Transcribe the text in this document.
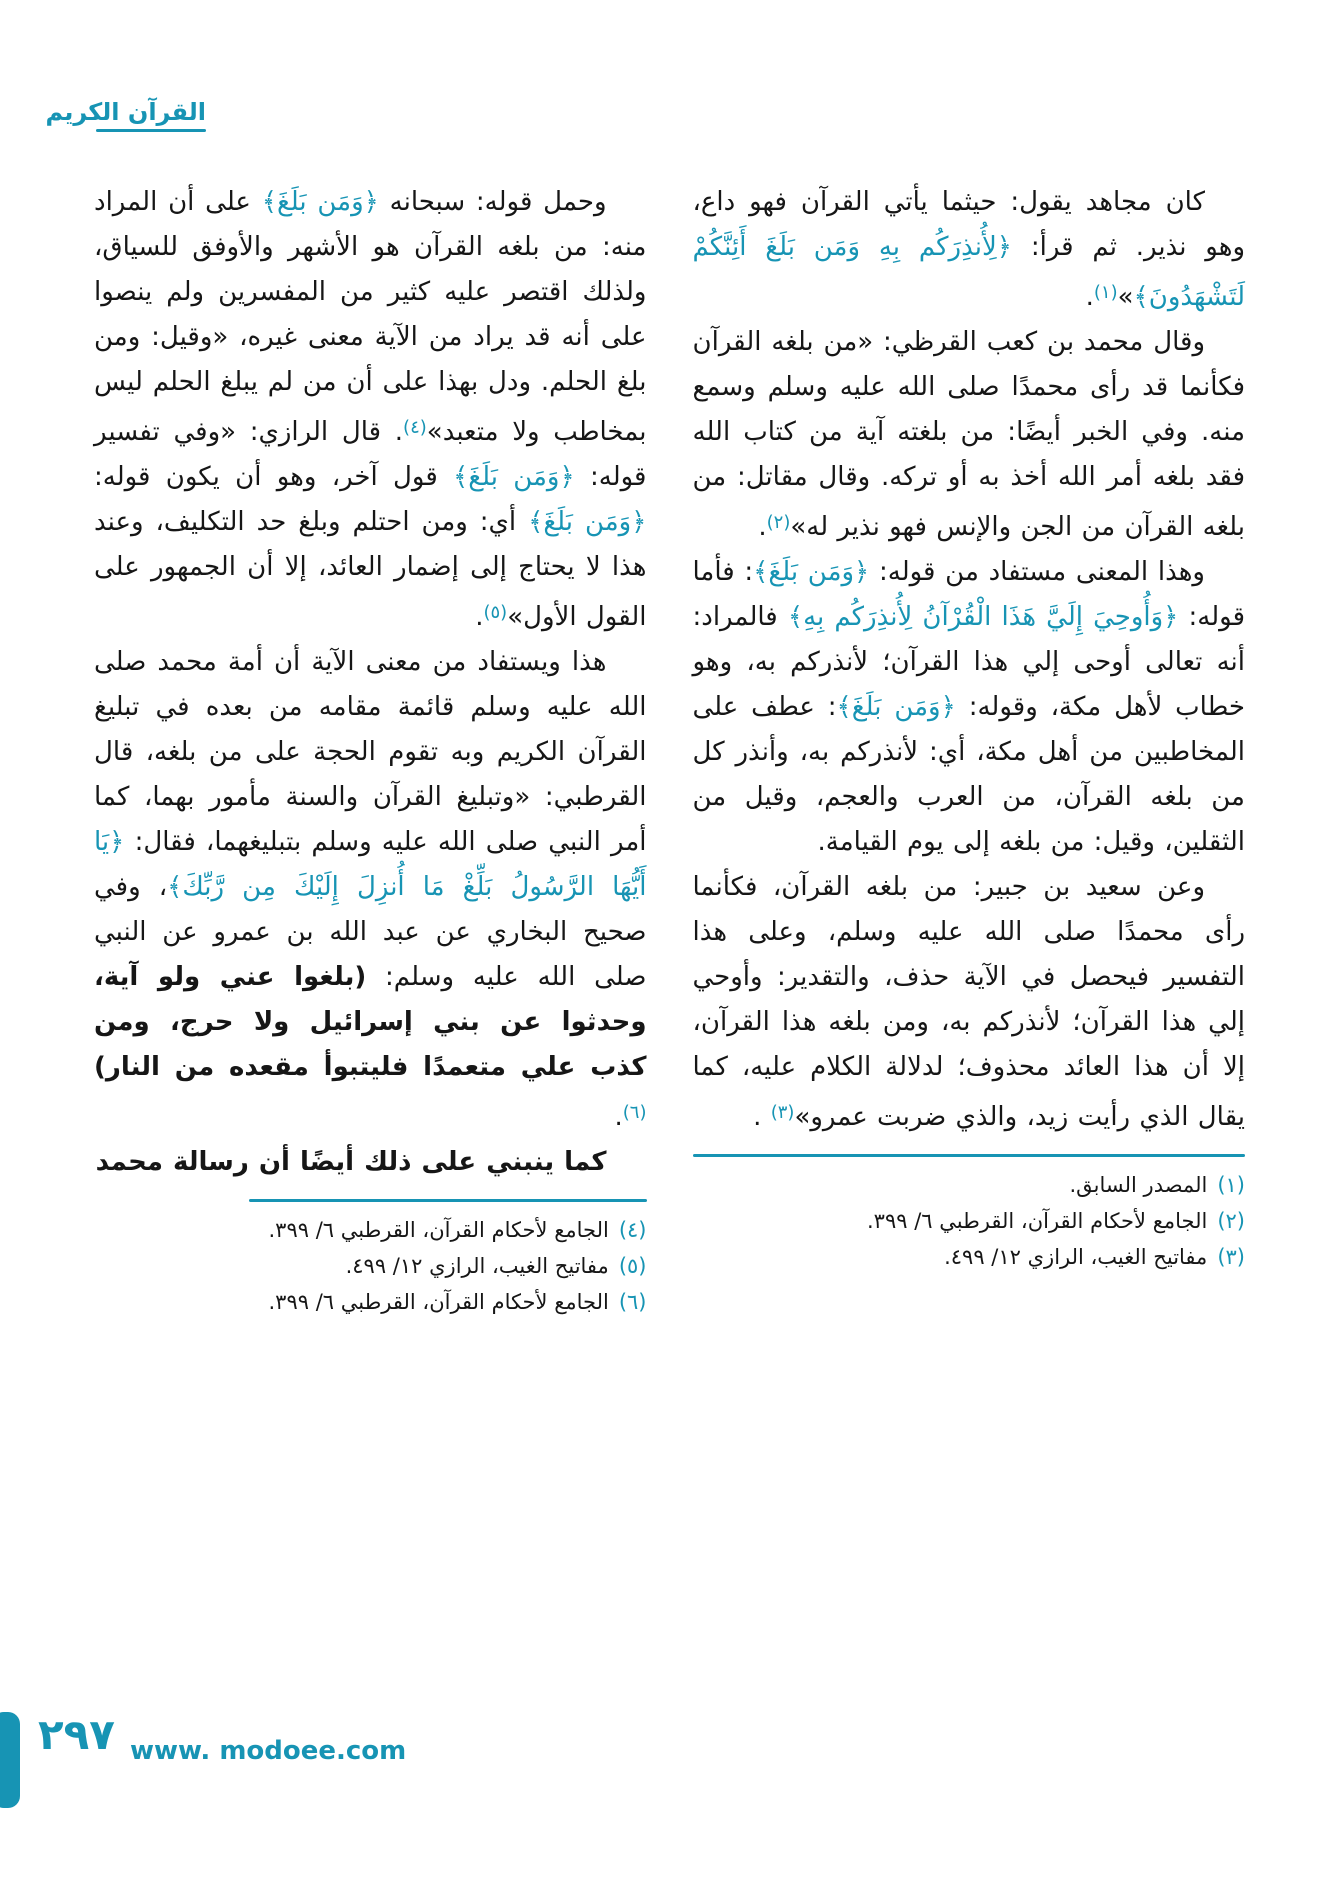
القرآن الكريم

كان مجاهد يقول: حيثما يأتي القرآن فهو داع، وهو نذير. ثم قرأ: ﴿لِأُنذِرَكُم بِهِ وَمَن بَلَغَ أَئِنَّكُمْ لَتَشْهَدُونَ﴾»$^{(١)}$.

وقال محمد بن كعب القرظي: «من بلغه القرآن فكأنما قد رأى محمدًا صلى الله عليه وسلم وسمع منه. وفي الخبر أيضًا: من بلغته آية من كتاب الله فقد بلغه أمر الله أخذ به أو تركه. وقال مقاتل: من بلغه القرآن من الجن والإنس فهو نذير له»$^{(٢)}$.

وهذا المعنى مستفاد من قوله: ﴿وَمَن بَلَغَ﴾: فأما قوله: ﴿وَأُوحِيَ إِلَيَّ هَذَا الْقُرْآنُ لِأُنذِرَكُم بِهِ﴾ فالمراد: أنه تعالى أوحى إلي هذا القرآن؛ لأنذركم به، وهو خطاب لأهل مكة، وقوله: ﴿وَمَن بَلَغَ﴾: عطف على المخاطبين من أهل مكة، أي: لأنذركم به، وأنذر كل من بلغه القرآن، من العرب والعجم، وقيل من الثقلين، وقيل: من بلغه إلى يوم القيامة.

وعن سعيد بن جبير: من بلغه القرآن، فكأنما رأى محمدًا صلى الله عليه وسلم، وعلى هذا التفسير فيحصل في الآية حذف، والتقدير: وأوحي إلي هذا القرآن؛ لأنذركم به، ومن بلغه هذا القرآن، إلا أن هذا العائد محذوف؛ لدلالة الكلام عليه، كما يقال الذي رأيت زيد، والذي ضربت عمرو»$^{(٣)}$ .

(١)المصدر السابق.
(٢)الجامع لأحكام القرآن، القرطبي ٦/ ٣٩٩.
(٣)مفاتيح الغيب، الرازي ١٢/ ٤٩٩.

وحمل قوله: سبحانه ﴿وَمَن بَلَغَ﴾ على أن المراد منه: من بلغه القرآن هو الأشهر والأوفق للسياق، ولذلك اقتصر عليه كثير من المفسرين ولم ينصوا على أنه قد يراد من الآية معنى غيره، «وقيل: ومن بلغ الحلم. ودل بهذا على أن من لم يبلغ الحلم ليس بمخاطب ولا متعبد»$^{(٤)}$. قال الرازي: «وفي تفسير قوله: ﴿وَمَن بَلَغَ﴾ قول آخر، وهو أن يكون قوله: ﴿وَمَن بَلَغَ﴾ أي: ومن احتلم وبلغ حد التكليف، وعند هذا لا يحتاج إلى إضمار العائد، إلا أن الجمهور على القول الأول»$^{(٥)}$.

هذا ويستفاد من معنى الآية أن أمة محمد صلى الله عليه وسلم قائمة مقامه من بعده في تبليغ القرآن الكريم وبه تقوم الحجة على من بلغه، قال القرطبي: «وتبليغ القرآن والسنة مأمور بهما، كما أمر النبي صلى الله عليه وسلم بتبليغهما، فقال: ﴿يَا أَيُّهَا الرَّسُولُ بَلِّغْ مَا أُنزِلَ إِلَيْكَ مِن رَّبِّكَ﴾، وفي صحيح البخاري عن عبد الله بن عمرو عن النبي صلى الله عليه وسلم: (بلغوا عني ولو آية، وحدثوا عن بني إسرائيل ولا حرج، ومن كذب علي متعمدًا فليتبوأ مقعده من النار)$^{(٦)}$.

كما ينبني على ذلك أيضًا أن رسالة محمد

(٤)الجامع لأحكام القرآن، القرطبي ٦/ ٣٩٩.
(٥)مفاتيح الغيب، الرازي ١٢/ ٤٩٩.
(٦)الجامع لأحكام القرآن، القرطبي ٦/ ٣٩٩.
٢٩٧ www. modoee.com
